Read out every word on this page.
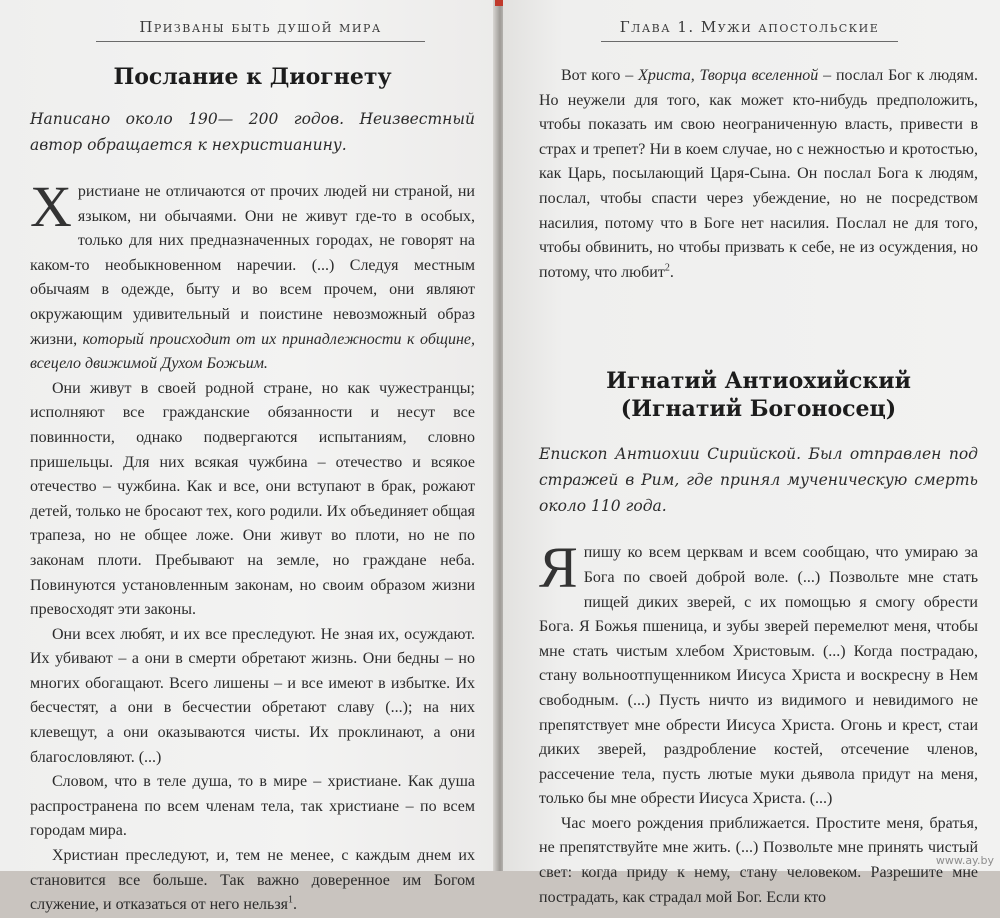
Призваны быть душой мира
Послание к Диогнету

Написано около 190— 200 годов. Неизвестный автор обращается к нехристианину.

Христиане не отличаются от прочих людей ни страной, ни языком, ни обычаями. Они не живут где-то в особых, только для них предназначенных городах, не говорят на каком-то необыкновенном наречии. (...) Следуя местным обычаям в одежде, быту и во всем прочем, они являют окружающим удивительный и поистине невозможный образ жизни, который происходит от их принадлежности к общине, всецело движимой Духом Божьим.

Они живут в своей родной стране, но как чужестранцы; исполняют все гражданские обязанности и несут все повинности, однако подвергаются испытаниям, словно пришельцы. Для них всякая чужбина – отечество и всякое отечество – чужбина. Как и все, они вступают в брак, рожают детей, только не бросают тех, кого родили. Их объединяет общая трапеза, но не общее ложе. Они живут во плоти, но не по законам плоти. Пребывают на земле, но граждане неба. Повинуются установленным законам, но своим образом жизни превосходят эти законы.

Они всех любят, и их все преследуют. Не зная их, осуждают. Их убивают – а они в смерти обретают жизнь. Они бедны – но многих обогащают. Всего лишены – и все имеют в избытке. Их бесчестят, а они в бесчестии обретают славу (...); на них клевещут, а они оказываются чисты. Их проклинают, а они благословляют. (...)

Словом, что в теле душа, то в мире – христиане. Как душа распространена по всем членам тела, так христиане – по всем городам мира.

Христиан преследуют, и, тем не менее, с каждым днем их становится все больше. Так важно доверенное им Богом служение, и отказаться от него нельзя$^1$.

Глава 1. Мужи апостольские

Вот кого – Христа, Творца вселенной – послал Бог к людям. Но неужели для того, как может кто-нибудь предположить, чтобы показать им свою неограниченную власть, привести в страх и трепет? Ни в коем случае, но с нежностью и кротостью, как Царь, посылающий Царя-Сына. Он послал Бога к людям, послал, чтобы спасти через убеждение, но не посредством насилия, потому что в Боге нет насилия. Послал не для того, чтобы обвинить, но чтобы призвать к себе, не из осуждения, но потому, что любит$^2$.

Игнатий Антиохийский
(Игнатий Богоносец)

Епископ Антиохии Сирийской. Был отправлен под стражей в Рим, где принял мученическую смерть около 110 года.

Япишу ко всем церквам и всем сообщаю, что умираю за Бога по своей доброй воле. (...) Позвольте мне стать пищей диких зверей, с их помощью я смогу обрести Бога. Я Божья пшеница, и зубы зверей перемелют меня, чтобы мне стать чистым хлебом Христовым. (...) Когда пострадаю, стану вольноотпущенником Иисуса Христа и воскресну в Нем свободным. (...) Пусть ничто из видимого и невидимого не препятствует мне обрести Иисуса Христа. Огонь и крест, стаи диких зверей, раздробление костей, отсечение членов, рассечение тела, пусть лютые муки дьявола придут на меня, только бы мне обрести Иисуса Христа. (...)

Час моего рождения приближается. Простите меня, братья, не препятствуйте мне жить. (...) Позвольте мне принять чистый свет: когда приду к нему, стану человеком. Разрешите мне пострадать, как страдал мой Бог. Если кто

www.ay.by
